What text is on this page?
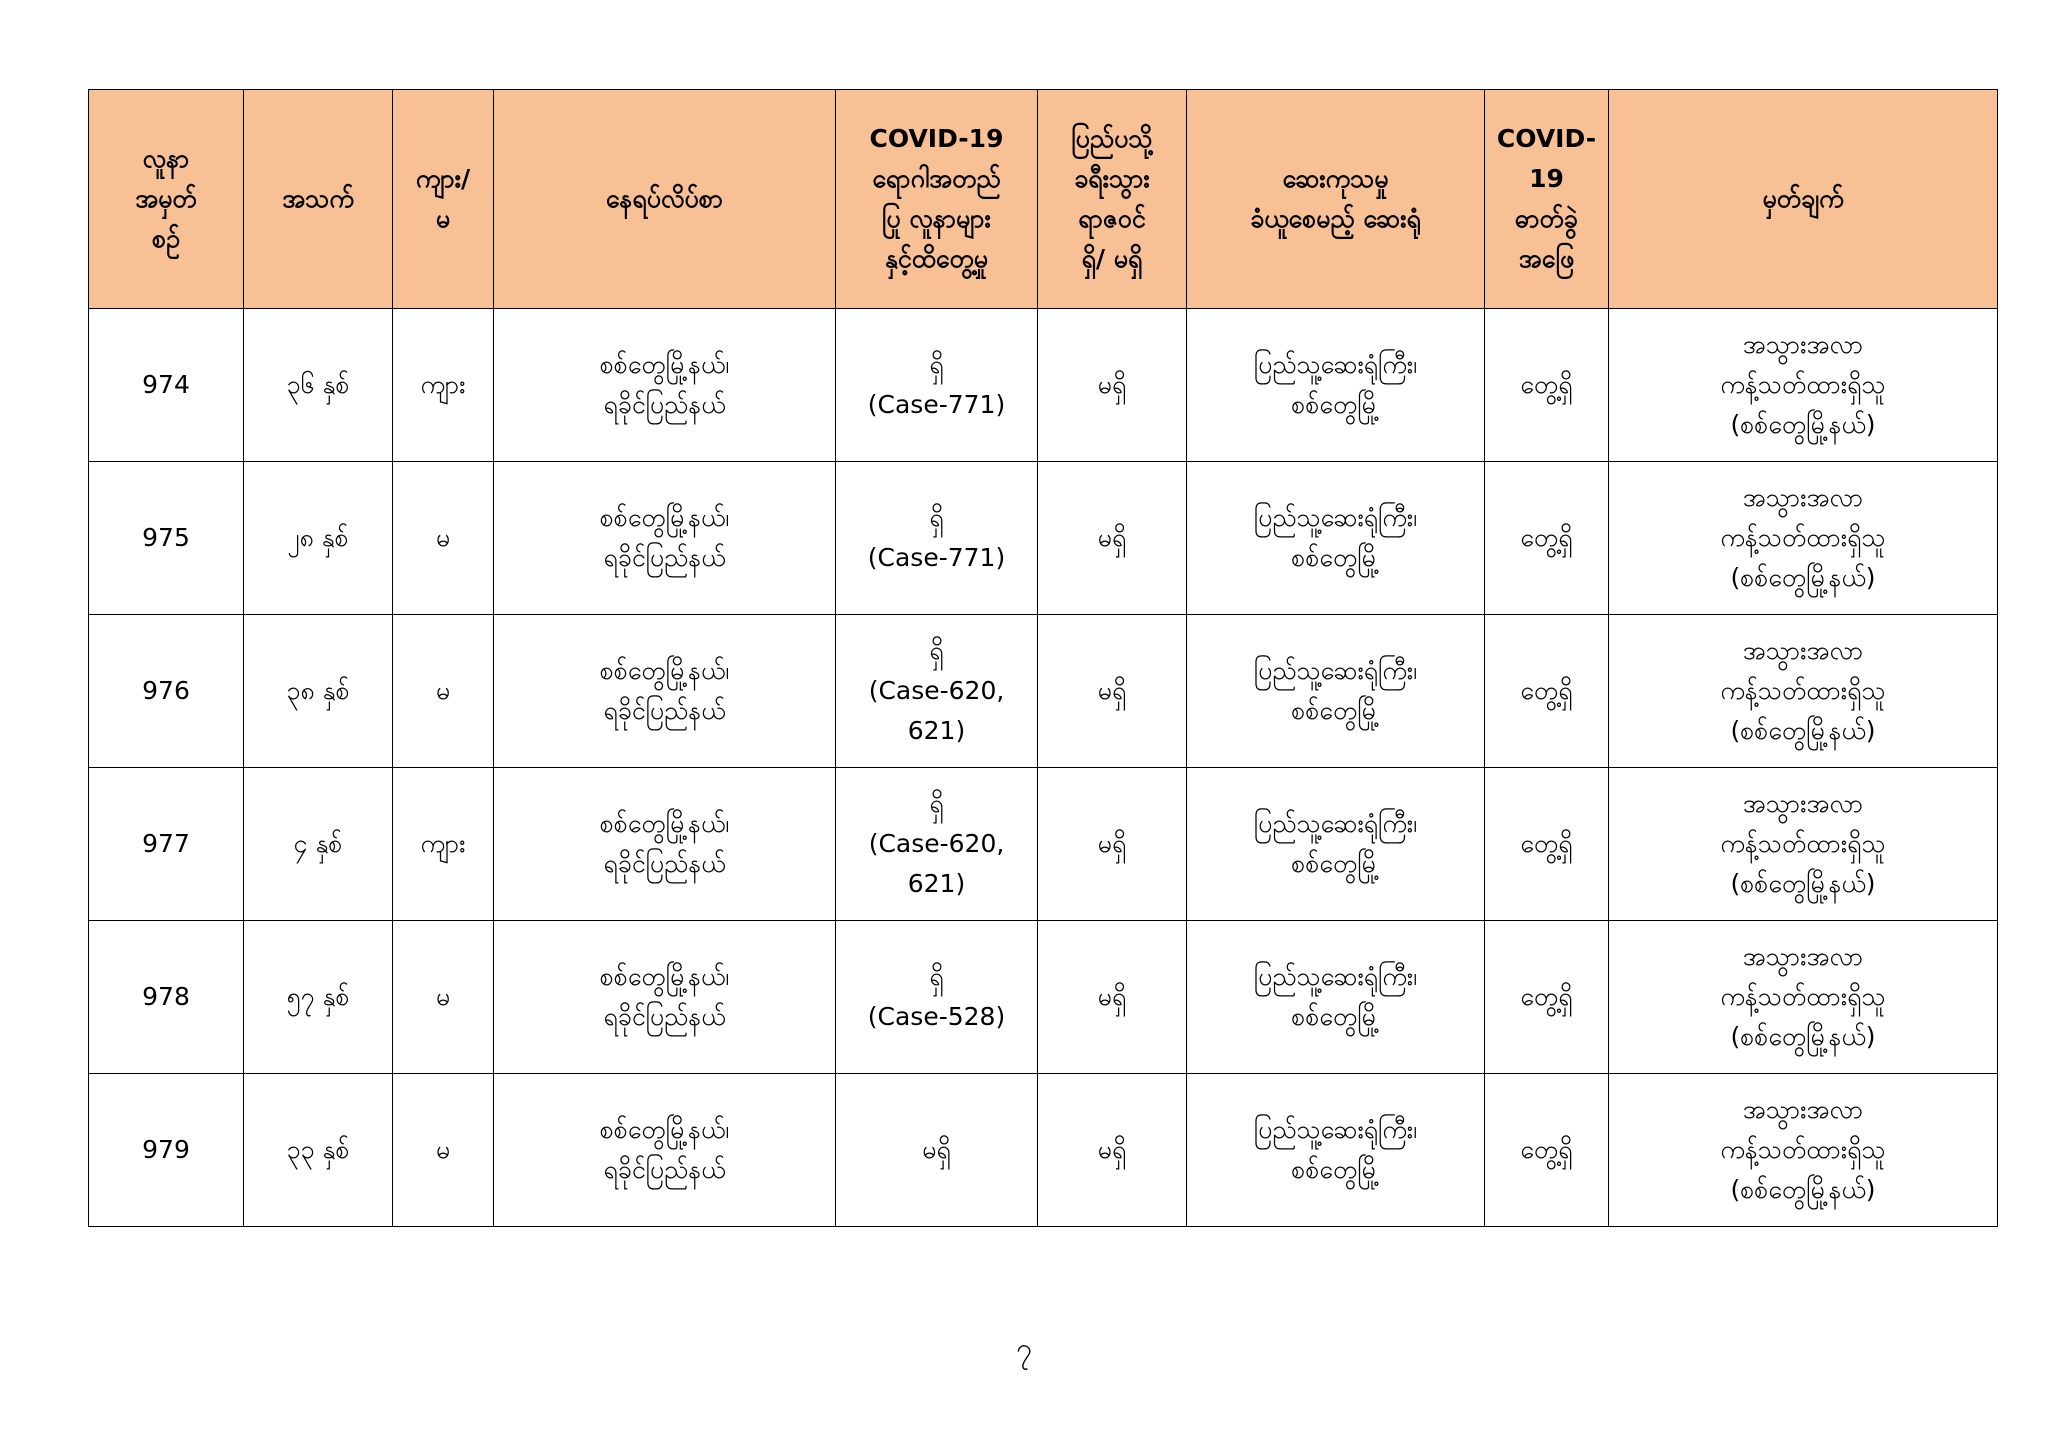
လူနာ
အမှတ်
စဉ်	အသက်	ကျား/
မ	နေရပ်လိပ်စာ	COVID-19
ရောဂါအတည်
ပြု လူနာများ
နှင့်ထိတွေ့မှု	ပြည်ပသို့
ခရီးသွား
ရာဇဝင်
ရှိ/ မရှိ	ဆေးကုသမှု
ခံယူစေမည့် ဆေးရုံ	COVID-
19
ဓာတ်ခွဲ
အဖြေ	မှတ်ချက်

974	၃၆ နှစ်	ကျား	စစ်တွေမြို့နယ်၊
ရခိုင်ပြည်နယ်	ရှိ
(Case-771)	မရှိ	ပြည်သူ့ဆေးရုံကြီး၊
စစ်တွေမြို့	တွေ့ရှိ	အသွားအလာ
ကန့်သတ်ထားရှိသူ
(စစ်တွေမြို့နယ်)

975	၂၈ နှစ်	မ	စစ်တွေမြို့နယ်၊
ရခိုင်ပြည်နယ်	ရှိ
(Case-771)	မရှိ	ပြည်သူ့ဆေးရုံကြီး၊
စစ်တွေမြို့	တွေ့ရှိ	အသွားအလာ
ကန့်သတ်ထားရှိသူ
(စစ်တွေမြို့နယ်)

976	၃၈ နှစ်	မ	စစ်တွေမြို့နယ်၊
ရခိုင်ပြည်နယ်	ရှိ
(Case-620,
621)	မရှိ	ပြည်သူ့ဆေးရုံကြီး၊
စစ်တွေမြို့	တွေ့ရှိ	အသွားအလာ
ကန့်သတ်ထားရှိသူ
(စစ်တွေမြို့နယ်)

977	၄ နှစ်	ကျား	စစ်တွေမြို့နယ်၊
ရခိုင်ပြည်နယ်	ရှိ
(Case-620,
621)	မရှိ	ပြည်သူ့ဆေးရုံကြီး၊
စစ်တွေမြို့	တွေ့ရှိ	အသွားအလာ
ကန့်သတ်ထားရှိသူ
(စစ်တွေမြို့နယ်)

978	၅၇ နှစ်	မ	စစ်တွေမြို့နယ်၊
ရခိုင်ပြည်နယ်	ရှိ
(Case-528)	မရှိ	ပြည်သူ့ဆေးရုံကြီး၊
စစ်တွေမြို့	တွေ့ရှိ	အသွားအလာ
ကန့်သတ်ထားရှိသူ
(စစ်တွေမြို့နယ်)

979	၃၃ နှစ်	မ	စစ်တွေမြို့နယ်၊
ရခိုင်ပြည်နယ်	မရှိ	မရှိ	ပြည်သူ့ဆေးရုံကြီး၊
စစ်တွေမြို့	တွေ့ရှိ	အသွားအလာ
ကန့်သတ်ထားရှိသူ
(စစ်တွေမြို့နယ်)
၇
